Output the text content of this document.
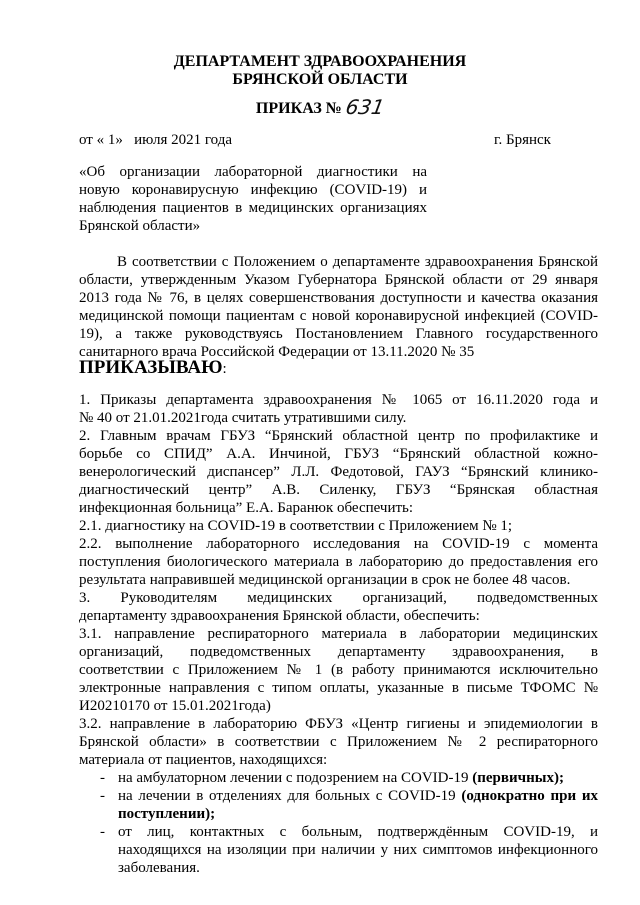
ДЕПАРТАМЕНТ ЗДРАВООХРАНЕНИЯ
БРЯНСКОЙ ОБЛАСТИ
ПРИКАЗ №631
от « 1» июля 2021 года	г. Брянск
«Об организации лабораторной диагностики на
новую коронавирусную инфекцию (COVID-19) и
наблюдения пациентов в медицинских организациях
Брянской области»
В соответствии с Положением о департаменте здравоохранения Брянской
области, утвержденным Указом Губернатора Брянской области от 29 января
2013 года № 76, в целях совершенствования доступности и качества оказания
медицинской помощи пациентам с новой коронавирусной инфекцией (COVID-
19), а также руководствуясь Постановлением Главного государственного
санитарного врача Российской Федерации от 13.11.2020 № 35
ПРИКАЗЫВАЮ:
1. Приказы департамента здравоохранения № 1065 от 16.11.2020 года и
№ 40 от 21.01.2021года считать утратившими силу.
2. Главным врачам ГБУЗ “Брянский областной центр по профилактике и
борьбе со СПИД” А.А. Инчиной, ГБУЗ “Брянский областной кожно-
венерологический диспансер” Л.Л. Федотовой, ГАУЗ “Брянский клинико-
диагностический центр” А.В. Силенку, ГБУЗ “Брянская областная
инфекционная больница” Е.А. Баранюк обеспечить:
2.1. диагностику на COVID-19 в соответствии с Приложением № 1;
2.2. выполнение лабораторного исследования на COVID-19 с момента
поступления биологического материала в лабораторию до предоставления его
результата направившей медицинской организации в срок не более 48 часов.
3. Руководителям медицинских организаций, подведомственных
департаменту здравоохранения Брянской области, обеспечить:
3.1. направление респираторного материала в лаборатории медицинских
организаций, подведомственных департаменту здравоохранения, в
соответствии с Приложением № 1 (в работу принимаются исключительно
электронные направления с типом оплаты, указанные в письме ТФОМС №
И20210170 от 15.01.2021года)
3.2. направление в лабораторию ФБУЗ «Центр гигиены и эпидемиологии в
Брянской области» в соответствии с Приложением № 2 респираторного
материала от пациентов, находящихся:
- на амбулаторном лечении с подозрением на COVID-19 (первичных);
- на лечении в отделениях для больных с COVID-19 (однократно при их
поступлении);
- от лиц, контактных с больным, подтверждённым COVID-19, и
находящихся на изоляции при наличии у них симптомов инфекционного
заболевания.
